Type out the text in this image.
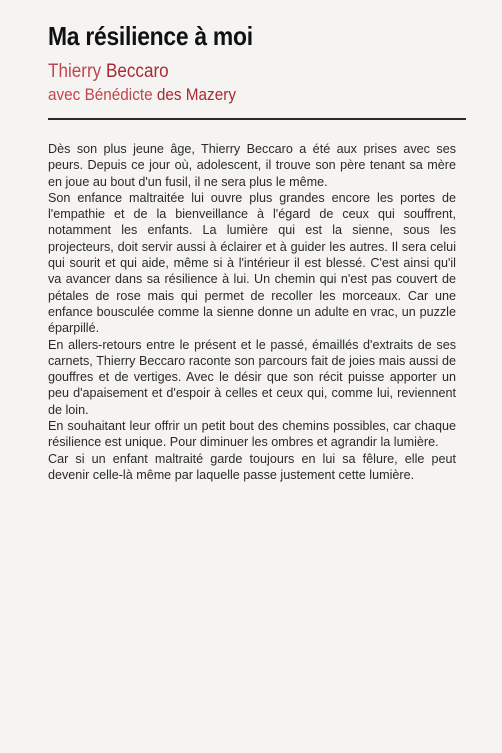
Ma résilience à moi
Thierry Beccaro
avec Bénédicte des Mazery

Dès son plus jeune âge, Thierry Beccaro a été aux prises avec ses peurs. Depuis ce jour où, adolescent, il trouve son père tenant sa mère en joue au bout d'un fusil, il ne sera plus le même.

Son enfance maltraitée lui ouvre plus grandes encore les portes de l'empathie et de la bienveillance à l'égard de ceux qui souffrent, notamment les enfants. La lumière qui est la sienne, sous les projecteurs, doit servir aussi à éclairer et à guider les autres. Il sera celui qui sourit et qui aide, même si à l'intérieur il est blessé. C'est ainsi qu'il va avancer dans sa résilience à lui. Un chemin qui n'est pas couvert de pétales de rose mais qui permet de recoller les morceaux. Car une enfance bousculée comme la sienne donne un adulte en vrac, un puzzle éparpillé.

En allers-retours entre le présent et le passé, émaillés d'extraits de ses carnets, Thierry Beccaro raconte son parcours fait de joies mais aussi de gouffres et de vertiges. Avec le désir que son récit puisse apporter un peu d'apaisement et d'espoir à celles et ceux qui, comme lui, reviennent de loin.

En souhaitant leur offrir un petit bout des chemins possibles, car chaque résilience est unique. Pour diminuer les ombres et agrandir la lumière.

Car si un enfant maltraité garde toujours en lui sa fêlure, elle peut devenir celle-là même par laquelle passe justement cette lumière.
